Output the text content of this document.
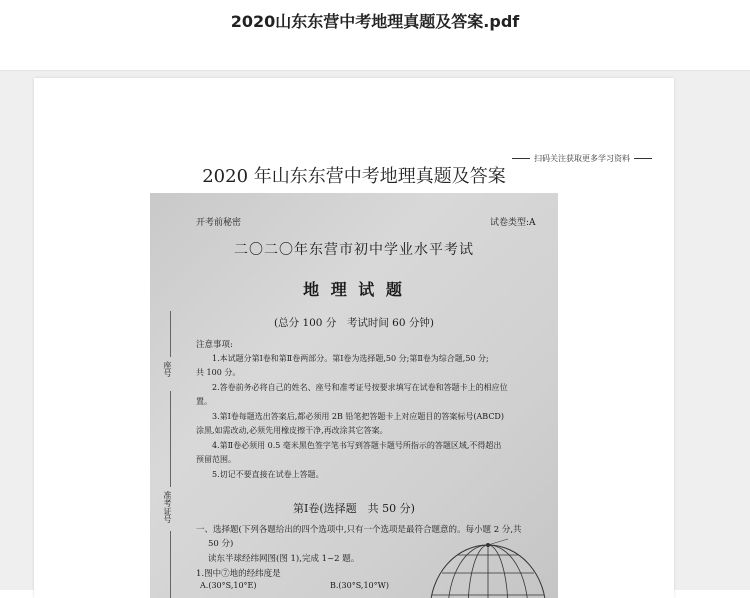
2020山东东营中考地理真题及答案.pdf
扫码关注获取更多学习资料
2020 年山东东营中考地理真题及答案
开考前秘密	试卷类型:A
二〇二〇年东营市初中学业水平考试
地 理 试 题
(总分 100 分　考试时间 60 分钟)
注意事项:
1.本试题分第Ⅰ卷和第Ⅱ卷两部分。第Ⅰ卷为选择题,50 分;第Ⅱ卷为综合题,50 分;
共 100 分。
2.答卷前务必将自己的姓名、座号和准考证号按要求填写在试卷和答题卡上的相应位
置。
3.第Ⅰ卷每题选出答案后,都必须用 2B 铅笔把答题卡上对应题目的答案标号(ABCD)
涂黑,如需改动,必须先用橡皮擦干净,再改涂其它答案。
4.第Ⅱ卷必须用 0.5 毫米黑色签字笔书写到答题卡题号所指示的答题区域,不得超出
预留范围。
5.切记不要直接在试卷上答题。
第Ⅰ卷(选择题　共 50 分)
一、选择题(下列各题给出的四个选项中,只有一个选项是最符合题意的。每小题 2 分,共
50 分)
读东半球经纬网图(图 1),完成 1~2 题。
1.图中⑦地的经纬度是
A.(30°S,10°E)	B.(30°S,10°W)
座号
准考证号
